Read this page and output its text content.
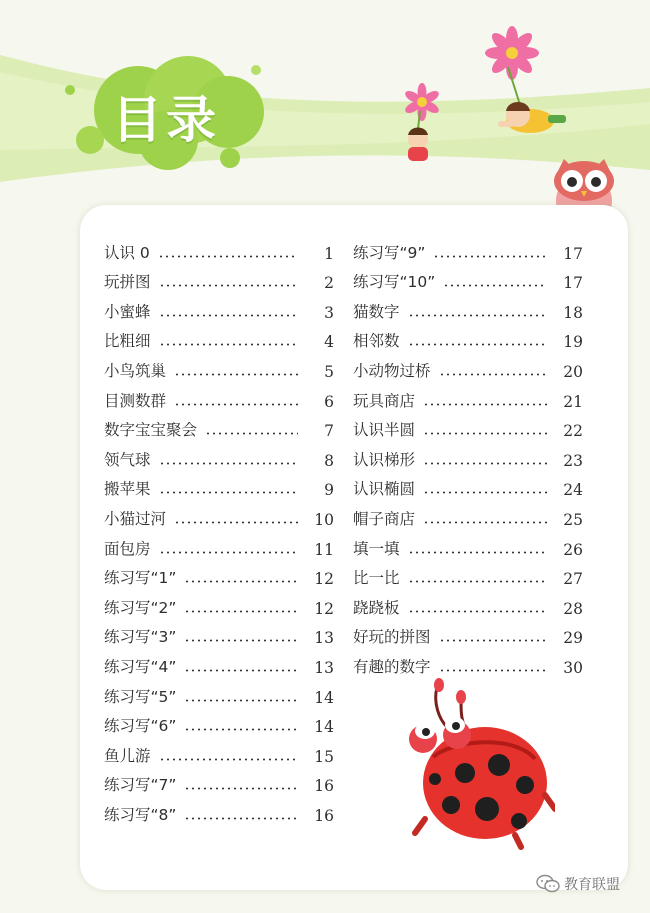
目录
认识 0	1
玩拼图	2
小蜜蜂	3
比粗细	4
小鸟筑巢	5
目测数群	6
数字宝宝聚会	7
领气球	8
搬苹果	9
小猫过河	10
面包房	11
练习写“1”	12
练习写“2”	12
练习写“3”	13
练习写“4”	13
练习写“5”	14
练习写“6”	14
鱼儿游	15
练习写“7”	16
练习写“8”	16
练习写“9”	17
练习写“10”	17
猫数字	18
相邻数	19
小动物过桥	20
玩具商店	21
认识半圆	22
认识梯形	23
认识椭圆	24
帽子商店	25
填一填	26
比一比	27
跷跷板	28
好玩的拼图	29
有趣的数字	30
教育联盟
